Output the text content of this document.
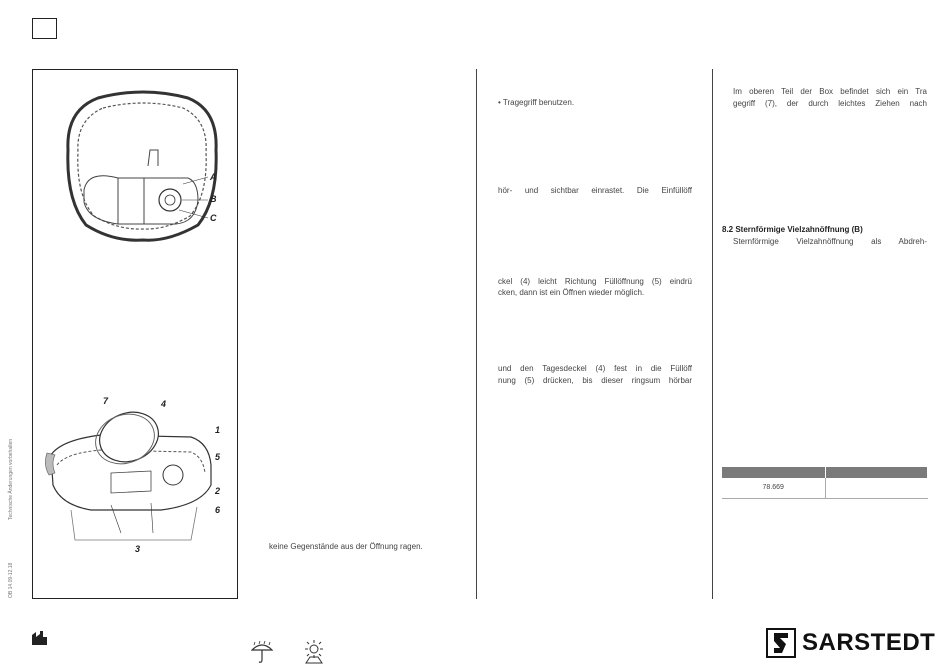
Technische Änderungen vorbehalten
OB 14.09-12.18
A
B
C
7	4
1
5
2
6
3	keine Gegenstände aus der Öffnung ragen.
• Tragegriff benutzen.
hör- und sichtbar einrastet. Die Einfüllöff
ckel (4) leicht Richtung Füllöffnung (5) eindrü
cken, dann ist ein Öffnen wieder möglich.
und den Tagesdeckel (4) fest in die Füllöff
nung (5) drücken, bis dieser ringsum hörbar
Im oberen Teil der Box befindet sich ein Tra
gegriff (7), der durch leichtes Ziehen nach
8.2 Sternförmige Vielzahnöffnung (B)
Sternförmige Vielzahnöffnung als Abdreh-

78.669	
SARSTEDT
